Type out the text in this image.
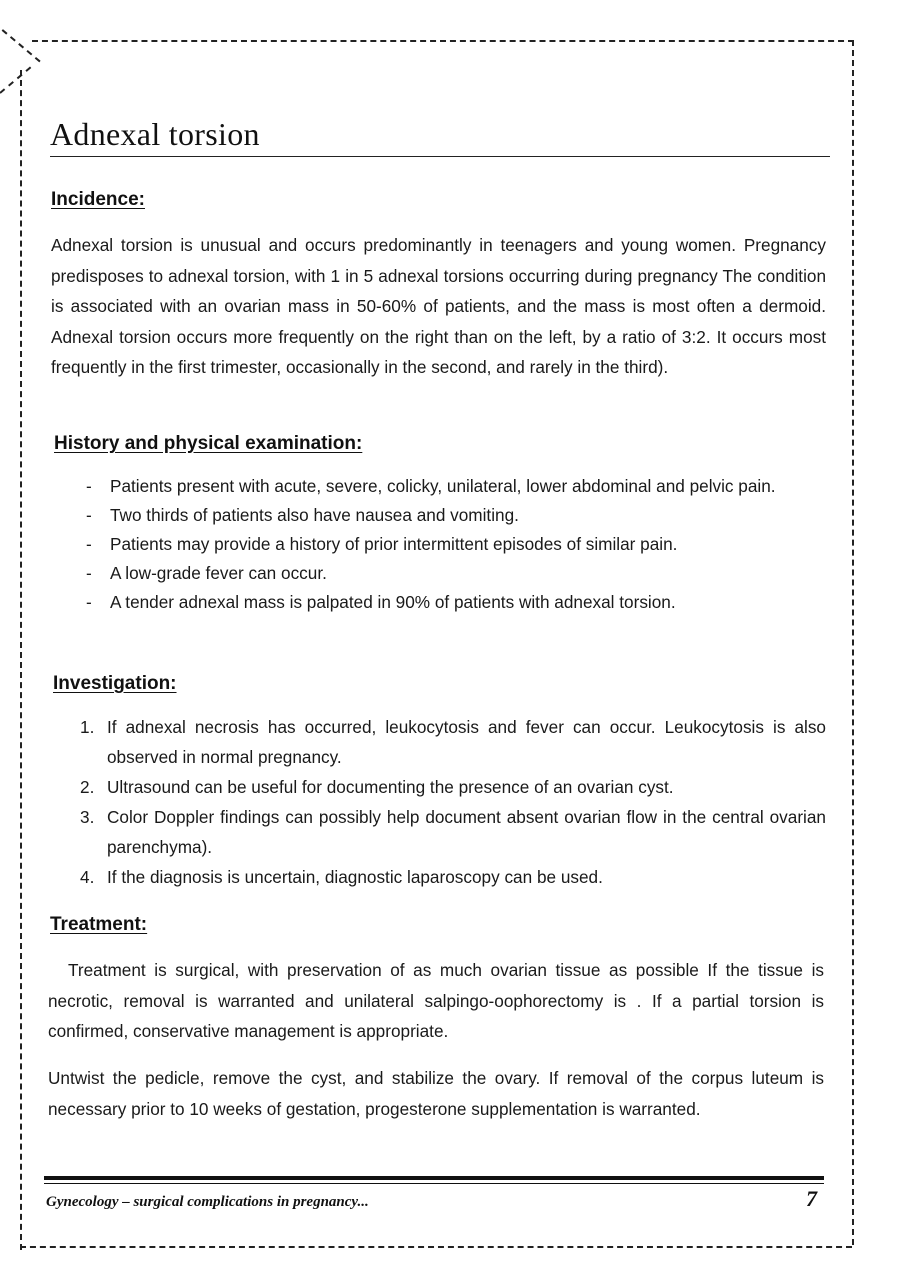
Adnexal torsion
Incidence:

Adnexal torsion is unusual and occurs predominantly in teenagers and young women. Pregnancy predisposes to adnexal torsion, with 1 in 5 adnexal torsions occurring during pregnancy The condition is associated with an ovarian mass in 50-60% of patients, and the mass is most often a dermoid. Adnexal torsion occurs more frequently on the right than on the left, by a ratio of 3:2. It occurs most frequently in the first trimester, occasionally in the second, and rarely in the third).

History and physical examination:
- Patients present with acute, severe, colicky, unilateral, lower abdominal and pelvic pain.
- Two thirds of patients also have nausea and vomiting.
- Patients may provide a history of prior intermittent episodes of similar pain.
- A low-grade fever can occur.
- A tender adnexal mass is palpated in 90% of patients with adnexal torsion.
Investigation:
If adnexal necrosis has occurred, leukocytosis and fever can occur. Leukocytosis is also observed in normal pregnancy.
Ultrasound can be useful for documenting the presence of an ovarian cyst.
Color Doppler findings can possibly help document absent ovarian flow in the central ovarian parenchyma).
If the diagnosis is uncertain, diagnostic laparoscopy can be used.
Treatment:

Treatment is surgical, with preservation of as much ovarian tissue as possible If the tissue is necrotic, removal is warranted and unilateral salpingo-oophorectomy is . If a partial torsion is confirmed, conservative management is appropriate.

Untwist the pedicle, remove the cyst, and stabilize the ovary. If removal of the corpus luteum is necessary prior to 10 weeks of gestation, progesterone supplementation is warranted.

Gynecology – surgical complications in pregnancy...	7
